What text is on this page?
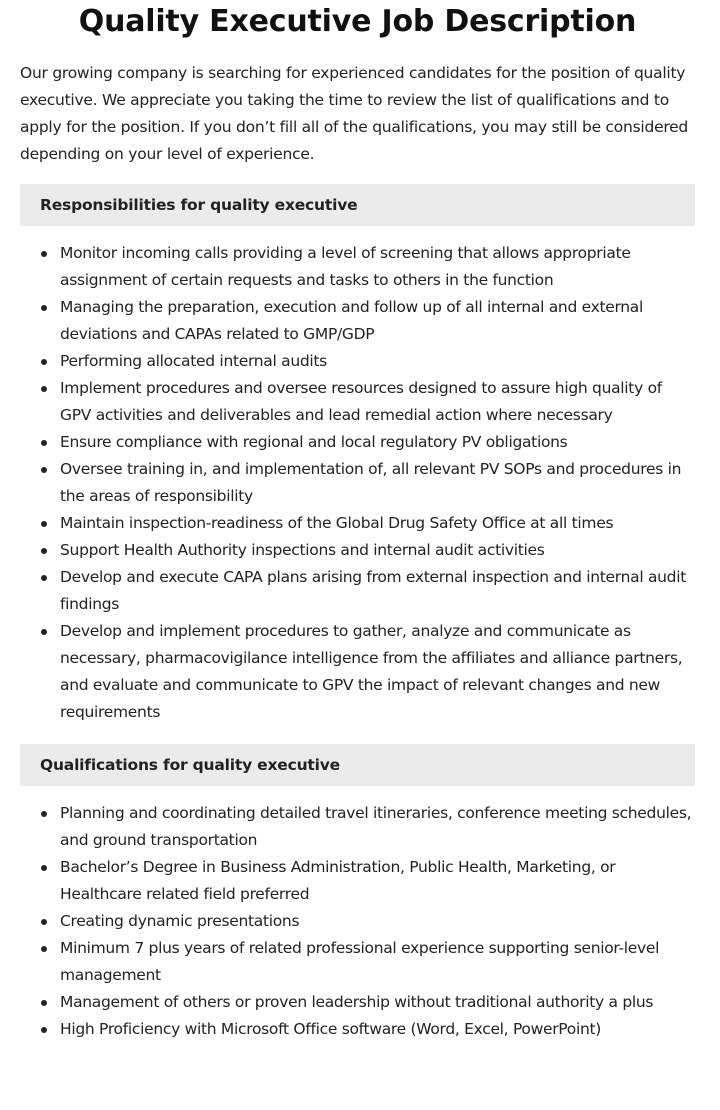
Quality Executive Job Description

Our growing company is searching for experienced candidates for the position of quality executive. We appreciate you taking the time to review the list of qualifications and to apply for the position. If you don’t fill all of the qualifications, you may still be considered depending on your level of experience.

Responsibilities for quality executive
Monitor incoming calls providing a level of screening that allows appropriate assignment of certain requests and tasks to others in the function
Managing the preparation, execution and follow up of all internal and external deviations and CAPAs related to GMP/GDP
Performing allocated internal audits
Implement procedures and oversee resources designed to assure high quality of GPV activities and deliverables and lead remedial action where necessary
Ensure compliance with regional and local regulatory PV obligations
Oversee training in, and implementation of, all relevant PV SOPs and procedures in the areas of responsibility
Maintain inspection-readiness of the Global Drug Safety Office at all times
Support Health Authority inspections and internal audit activities
Develop and execute CAPA plans arising from external inspection and internal audit findings
Develop and implement procedures to gather, analyze and communicate as necessary, pharmacovigilance intelligence from the affiliates and alliance partners, and evaluate and communicate to GPV the impact of relevant changes and new requirements
Qualifications for quality executive
Planning and coordinating detailed travel itineraries, conference meeting schedules, and ground transportation
Bachelor’s Degree in Business Administration, Public Health, Marketing, or Healthcare related field preferred
Creating dynamic presentations
Minimum 7 plus years of related professional experience supporting senior-level management
Management of others or proven leadership without traditional authority a plus
High Proficiency with Microsoft Office software (Word, Excel, PowerPoint)
